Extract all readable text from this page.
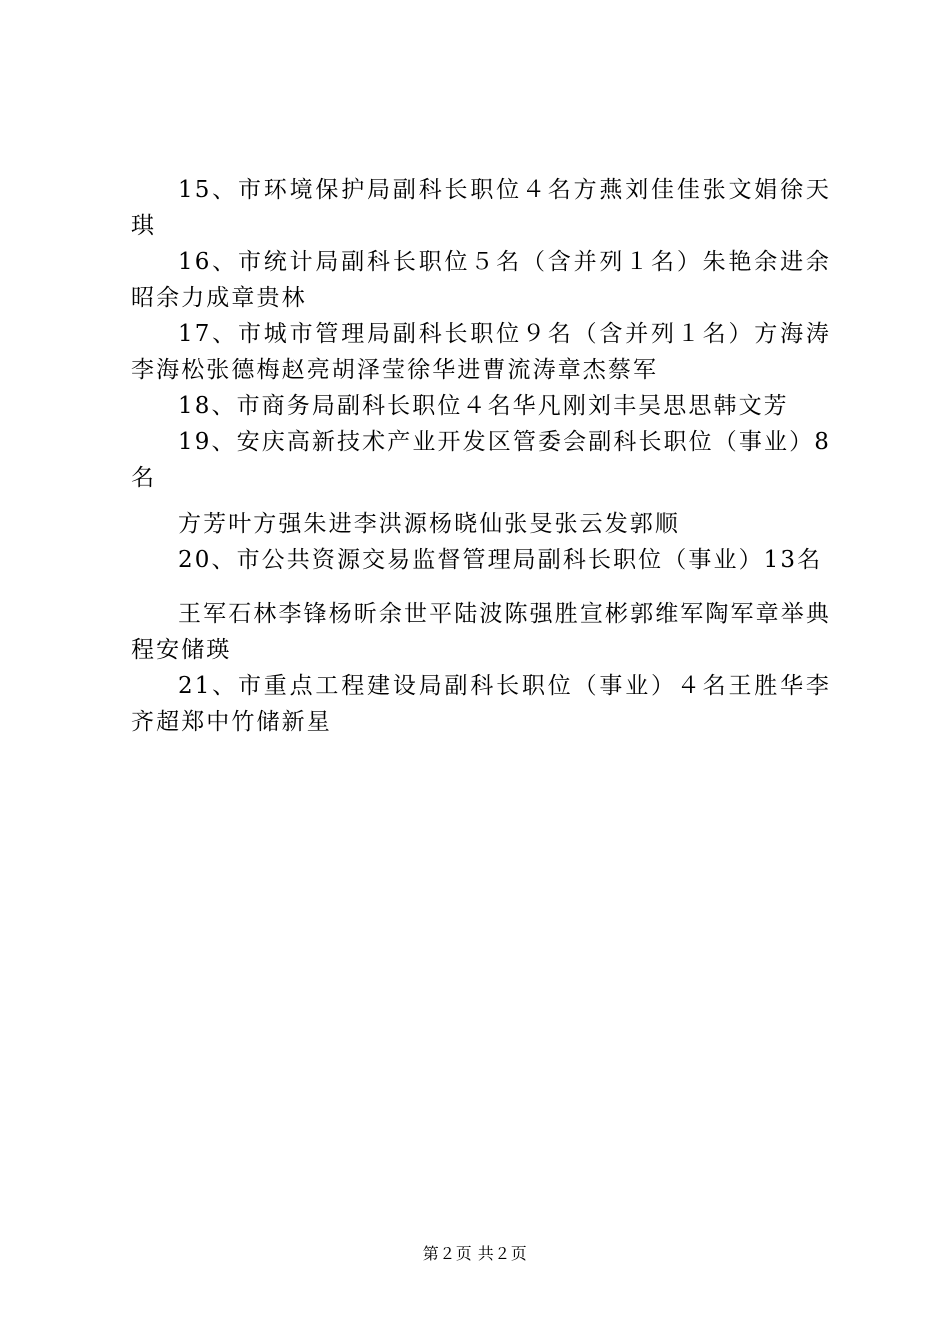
15、市环境保护局副科长职位４名方燕刘佳佳张文娟徐天琪

16、市统计局副科长职位５名（含并列１名）朱艳余进余昭余力成章贵林

17、市城市管理局副科长职位９名（含并列１名）方海涛李海松张德梅赵亮胡泽莹徐华进曹流涛章杰蔡军

18、市商务局副科长职位４名华凡刚刘丰吴思思韩文芳

19、安庆高新技术产业开发区管委会副科长职位（事业）8名

方芳叶方强朱进李洪源杨晓仙张旻张云发郭顺

20、市公共资源交易监督管理局副科长职位（事业）13名

王军石林李锋杨昕余世平陆波陈强胜宣彬郭维军陶军章举典程安储瑛

21、市重点工程建设局副科长职位（事业）４名王胜华李齐超郑中竹储新星

第２页 共２页
